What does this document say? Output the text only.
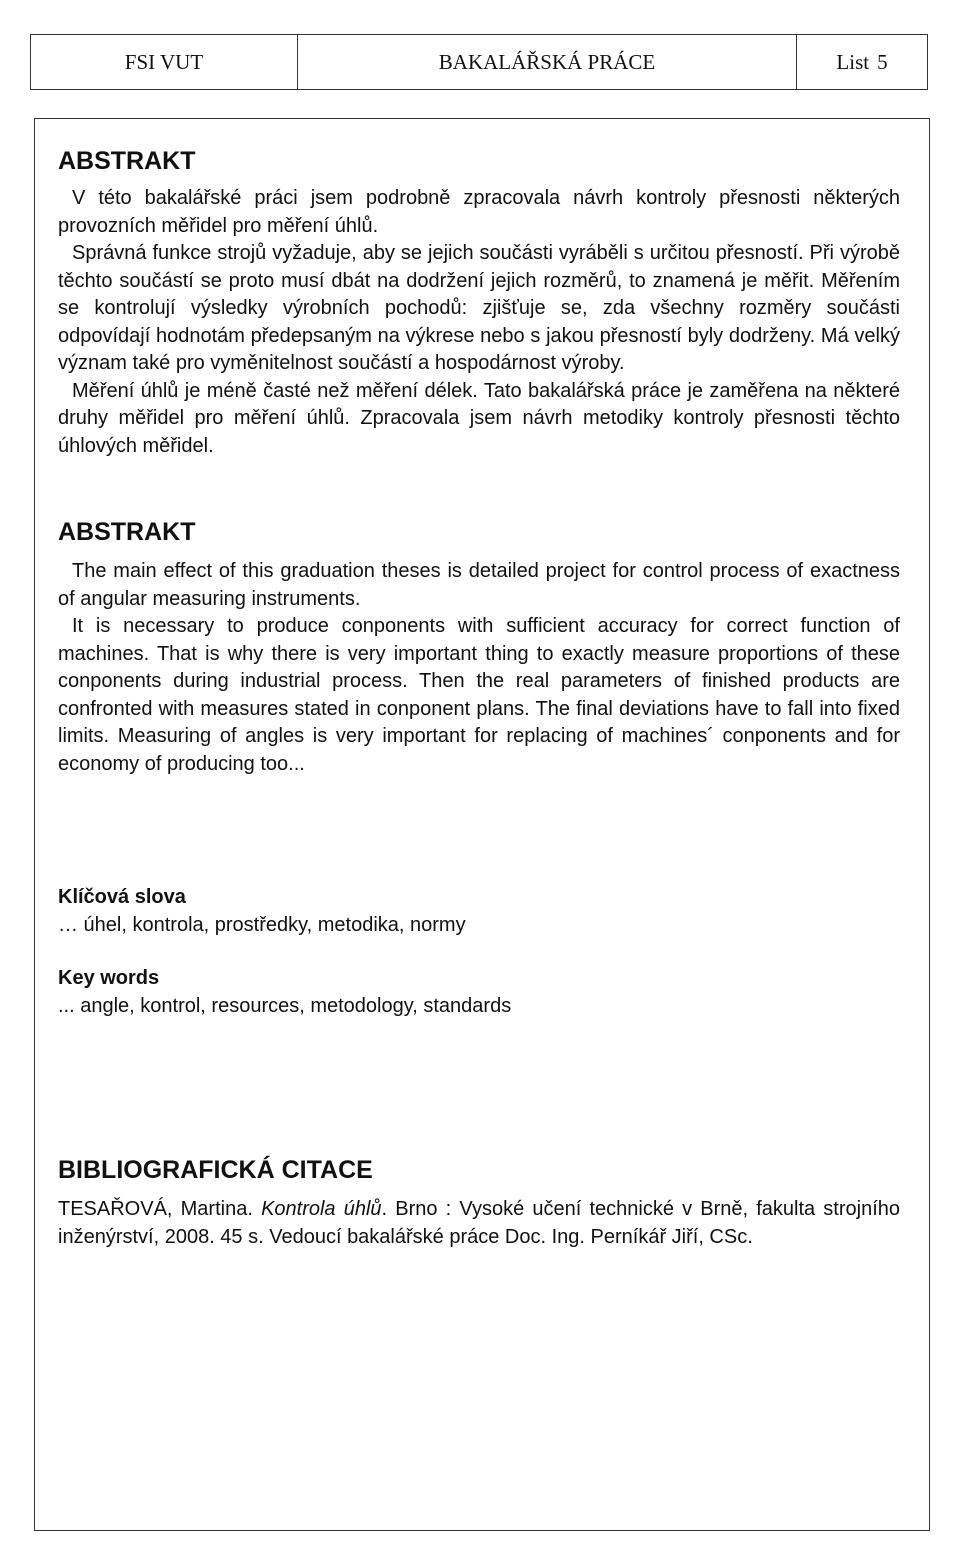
FSI VUT	BAKALÁŘSKÁ PRÁCE	List 5
ABSTRAKT

V této bakalářské práci jsem podrobně zpracovala návrh kontroly přesnosti některých provozních měřidel pro měření úhlů.

Správná funkce strojů vyžaduje, aby se jejich součásti vyráběli s určitou přesností. Při výrobě těchto součástí se proto musí dbát na dodržení jejich rozměrů, to znamená je měřit. Měřením se kontrolují výsledky výrobních pochodů: zjišťuje se, zda všechny rozměry součásti odpovídají hodnotám předepsaným na výkrese nebo s jakou přesností byly dodrženy. Má velký význam také pro vyměnitelnost součástí a hospodárnost výroby.

Měření úhlů je méně časté než měření délek. Tato bakalářská práce je zaměřena na některé druhy měřidel pro měření úhlů. Zpracovala jsem návrh metodiky kontroly přesnosti těchto úhlových měřidel.

ABSTRAKT

The main effect of this graduation theses is detailed project for control process of exactness of angular measuring instruments.

It is necessary to produce conponents with sufficient accuracy for correct function of machines. That is why there is very important thing to exactly measure proportions of these conponents during industrial process. Then the real parameters of finished products are confronted with measures stated in conponent plans. The final deviations have to fall into fixed limits. Measuring of angles is very important for replacing of machines´ conponents and for economy of producing too...

Klíčová slova

… úhel, kontrola, prostředky, metodika, normy

Key words

... angle, kontrol, resources, metodology, standards

BIBLIOGRAFICKÁ CITACE

TESAŘOVÁ, Martina. Kontrola úhlů. Brno : Vysoké učení technické v Brně, fakulta strojního inženýrství, 2008. 45 s. Vedoucí bakalářské práce Doc. Ing. Perníkář Jiří, CSc.
